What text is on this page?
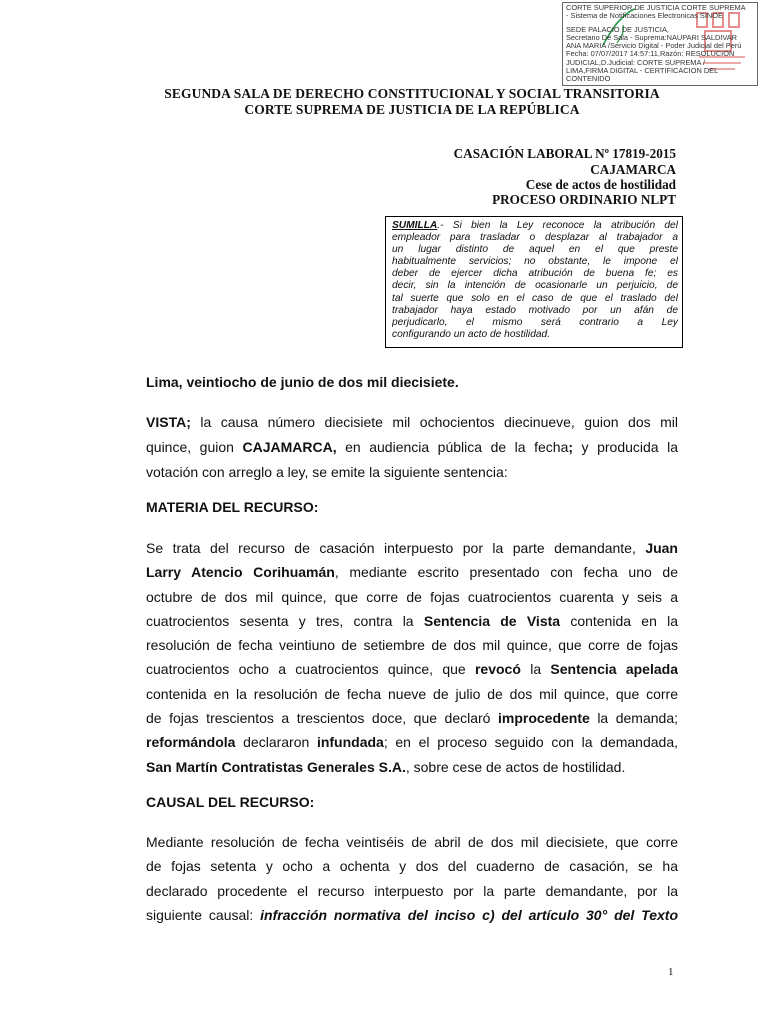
CORTE SUPERIOR DE JUSTICIA CORTE SUPREMA

- Sistema de Notificaciones Electronicas SINOE

SEDE PALACIO DE JUSTICIA,

Secretario De Sala - Suprema:NAUPARI SALDIVAR

ANA MARIA /Servicio Digital - Poder Judicial del Perú

Fecha: 07/07/2017 14:57:11,Razón: RESOLUCION

JUDICIAL,D.Judicial: CORTE SUPREMA /

LIMA,FIRMA DIGITAL - CERTIFICACION DEL

CONTENIDO

SEGUNDA SALA DE DERECHO CONSTITUCIONAL Y SOCIAL TRANSITORIA
CORTE SUPREMA DE JUSTICIA DE LA REPÚBLICA
CASACIÓN LABORAL Nº 17819-2015
CAJAMARCA
Cese de actos de hostilidad
PROCESO ORDINARIO NLPT
SUMILLA.- Si bien la Ley reconoce la atribución del
empleador para trasladar o desplazar al trabajador a
un lugar distinto de aquel en el que preste
habitualmente servicios; no obstante, le impone el
deber de ejercer dicha atribución de buena fe; es
decir, sin la intención de ocasionarle un perjuicio, de
tal suerte que solo en el caso de que el traslado del
trabajador haya estado motivado por un afán de
perjudicarlo, el mismo será contrario a Ley
configurando un acto de hostilidad.
Lima, veintiocho de junio de dos mil diecisiete.
VISTA; la causa número diecisiete mil ochocientos diecinueve, guion dos mil
quince, guion CAJAMARCA, en audiencia pública de la fecha; y producida la
votación con arreglo a ley, se emite la siguiente sentencia:
MATERIA DEL RECURSO:
Se trata del recurso de casación interpuesto por la parte demandante, Juan
Larry Atencio Corihuamán, mediante escrito presentado con fecha uno de
octubre de dos mil quince, que corre de fojas cuatrocientos cuarenta y seis a
cuatrocientos sesenta y tres, contra la Sentencia de Vista contenida en la
resolución de fecha veintiuno de setiembre de dos mil quince, que corre de fojas
cuatrocientos ocho a cuatrocientos quince, que revocó la Sentencia apelada
contenida en la resolución de fecha nueve de julio de dos mil quince, que corre
de fojas trescientos a trescientos doce, que declaró improcedente la demanda;
reformándola declararon infundada; en el proceso seguido con la demandada,
San Martín Contratistas Generales S.A., sobre cese de actos de hostilidad.
CAUSAL DEL RECURSO:
Mediante resolución de fecha veintiséis de abril de dos mil diecisiete, que corre
de fojas setenta y ocho a ochenta y dos del cuaderno de casación, se ha
declarado procedente el recurso interpuesto por la parte demandante, por la
siguiente causal: infracción normativa del inciso c) del artículo 30° del Texto
1
